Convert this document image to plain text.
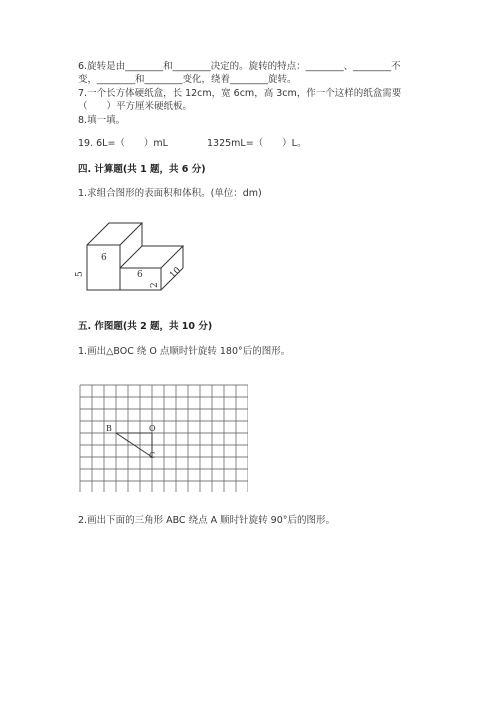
6.旋转是由________和________决定的。旋转的特点：________、________不
变，________和________变化，绕着________旋转。
7.一个长方体硬纸盒，长 12cm，宽 6cm，高 3cm，作一个这样的纸盒需要
（　　）平方厘米硬纸板。
8.填一填。
19. 6L=（　　）mL	1325mL=（　　）L。
四. 计算题(共 1 题，共 6 分)
1.求组合图形的表面积和体积。(单位：dm)
6
5	6
2
10
五. 作图题(共 2 题，共 10 分)
1.画出△BOC 绕 O 点顺时针旋转 180°后的图形。
B	O
C
2.画出下面的三角形 ABC 绕点 A 顺时针旋转 90°后的图形。
